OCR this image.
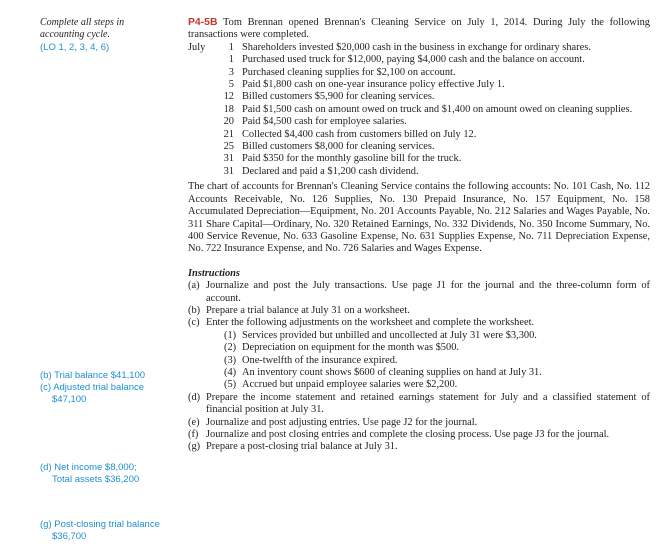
Complete all steps in
accounting cycle.
(LO 1, 2, 3, 4, 6)
(b) Trial balance $41,100
(c) Adjusted trial balance
$47,100
(d) Net income $8,000;
Total assets $36,200
(g) Post-closing trial balance
$36,700
P4-5B Tom Brennan opened Brennan's Cleaning Service on July 1, 2014. During July the following transactions were completed.
July	1 Shareholders invested $20,000 cash in the business in exchange for ordinary shares.
1 Purchased used truck for $12,000, paying $4,000 cash and the balance on account.
3 Purchased cleaning supplies for $2,100 on account.
5 Paid $1,800 cash on one-year insurance policy effective July 1.
12 Billed customers $5,900 for cleaning services.
18 Paid $1,500 cash on amount owed on truck and $1,400 on amount owed on cleaning supplies.
20 Paid $4,500 cash for employee salaries.
21 Collected $4,400 cash from customers billed on July 12.
25 Billed customers $8,000 for cleaning services.
31 Paid $350 for the monthly gasoline bill for the truck.
31 Declared and paid a $1,200 cash dividend.
The chart of accounts for Brennan's Cleaning Service contains the following accounts: No. 101 Cash, No. 112 Accounts Receivable, No. 126 Supplies, No. 130 Prepaid Insurance, No. 157 Equipment, No. 158 Accumulated Depreciation—Equipment, No. 201 Accounts Payable, No. 212 Salaries and Wages Payable, No. 311 Share Capital—Ordinary, No. 320 Retained Earnings, No. 332 Dividends, No. 350 Income Summary, No. 400 Service Revenue, No. 633 Gasoline Expense, No. 631 Supplies Expense, No. 711 Depreciation Expense, No. 722 Insurance Expense, and No. 726 Salaries and Wages Expense.
Instructions
(a) Journalize and post the July transactions. Use page J1 for the journal and the three-column form of account.
(b) Prepare a trial balance at July 31 on a worksheet.
(c) Enter the following adjustments on the worksheet and complete the worksheet.
(1) Services provided but unbilled and uncollected at July 31 were $3,300.
(2) Depreciation on equipment for the month was $500.
(3) One-twelfth of the insurance expired.
(4) An inventory count shows $600 of cleaning supplies on hand at July 31.
(5) Accrued but unpaid employee salaries were $2,200.
(d) Prepare the income statement and retained earnings statement for July and a classified statement of financial position at July 31.
(e) Journalize and post adjusting entries. Use page J2 for the journal.
(f) Journalize and post closing entries and complete the closing process. Use page J3 for the journal.
(g) Prepare a post-closing trial balance at July 31.
